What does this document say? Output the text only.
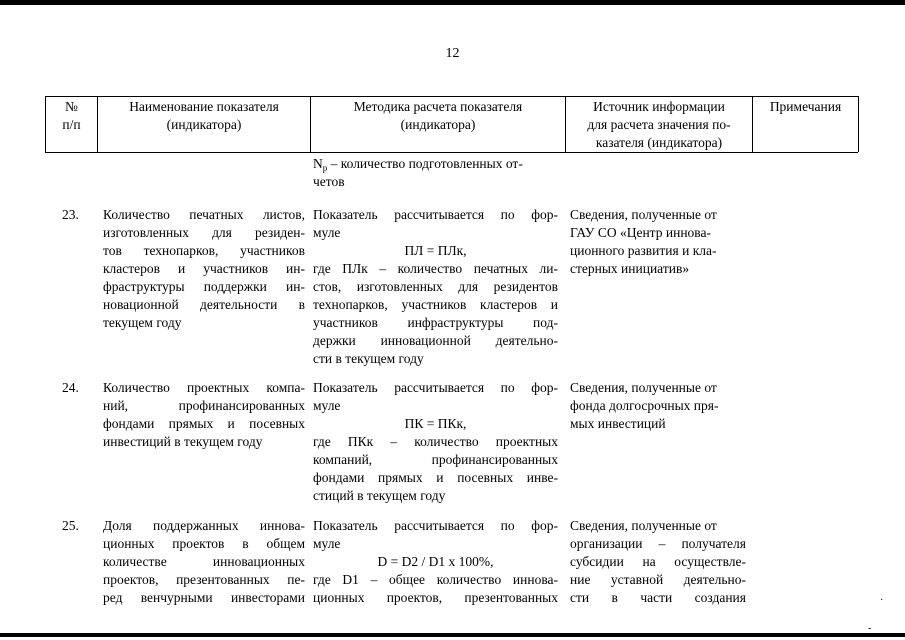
12
№
п/п
Наименование показателя
(индикатора)
Методика расчета показателя
(индикатора)
Источник информации
для расчета значения по-
казателя (индикатора)
Примечания
$N_p$ – количество подготовленных от-
четов
23. Количество печатных листов,
изготовленных для резиден-
тов технопарков, участников
кластеров и участников ин-
фраструктуры поддержки ин-
новационной деятельности в
текущем году
Показатель рассчитывается по фор-
муле
ПЛ = ПЛк,
где ПЛк – количество печатных ли-
стов, изготовленных для резидентов
технопарков, участников кластеров и
участников инфраструктуры под-
держки инновационной деятельно-
сти в текущем году
Сведения, полученные от
ГАУ СО «Центр иннова-
ционного развития и кла-
стерных инициатив»
24. Количество проектных компа-
ний, профинансированных
фондами прямых и посевных
инвестиций в текущем году
Показатель рассчитывается по фор-
муле
ПК = ПКк,
где ПКк – количество проектных
компаний, профинансированных
фондами прямых и посевных инве-
стиций в текущем году
Сведения, полученные от
фонда долгосрочных пря-
мых инвестиций
25. Доля поддержанных иннова-
ционных проектов в общем
количестве инновационных
проектов, презентованных пе-
ред венчурными инвесторами
Показатель рассчитывается по фор-
муле
D = D2 / D1 x 100%,
где D1 – общее количество иннова-
ционных проектов, презентованных
Сведения, полученные от
организации – получателя
субсидии на осуществле-
ние уставной деятельно-
сти в части создания	·
-
